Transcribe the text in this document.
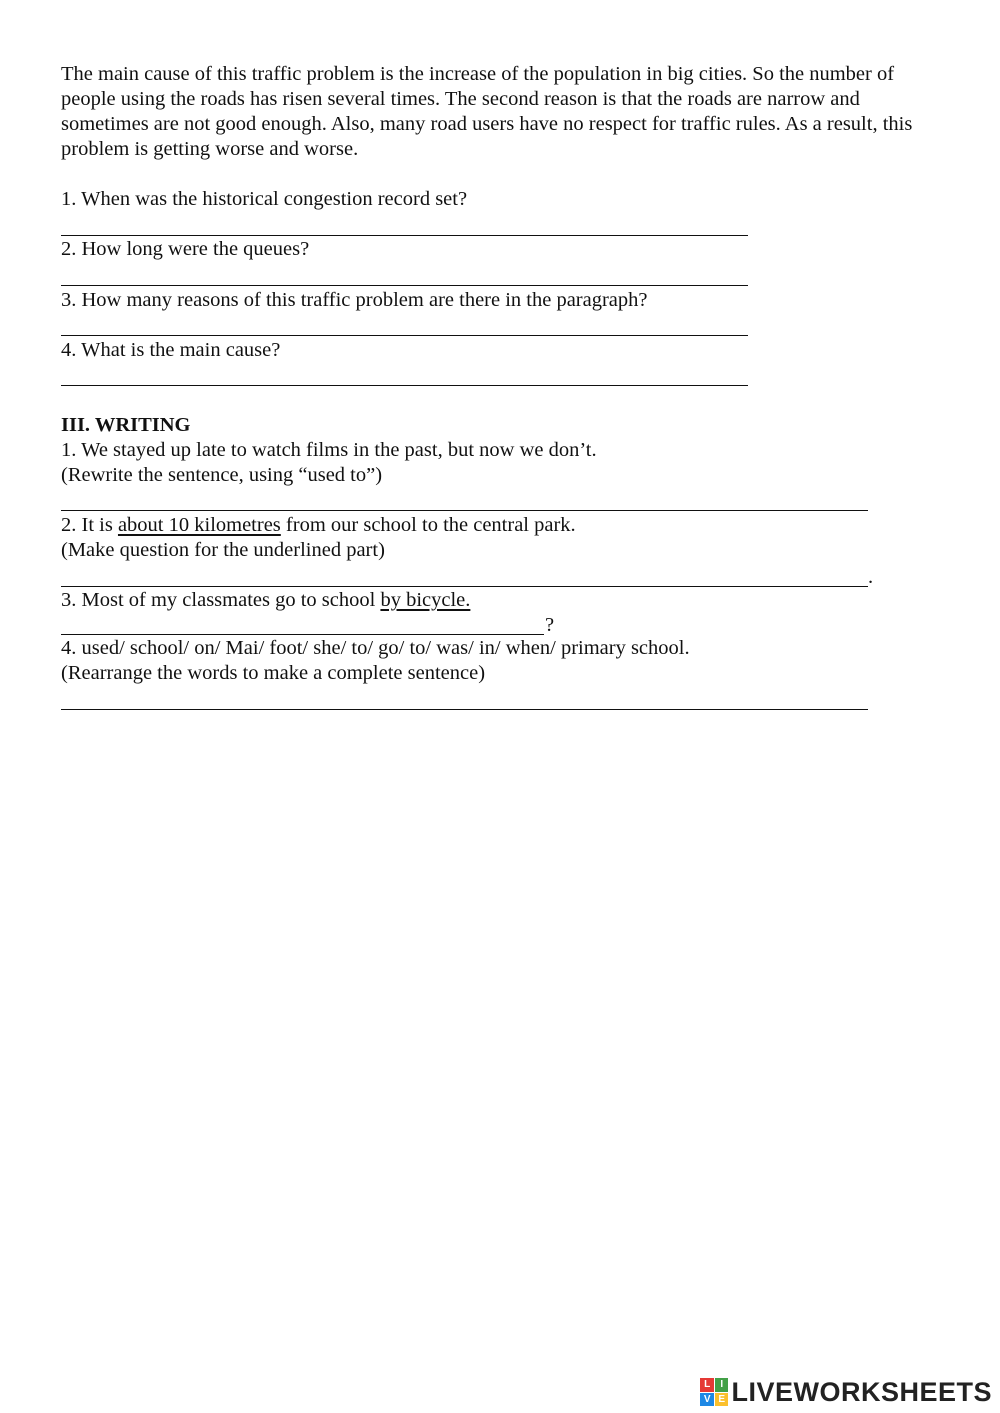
The main cause of this traffic problem is the increase of the population in big cities. So the number of people using the roads has risen several times. The second reason is that the roads are narrow and sometimes are not good enough. Also, many road users have no respect for traffic rules. As a result, this problem is getting worse and worse.

1. When was the historical congestion record set?

2. How long were the queues?

3. How many reasons of this traffic problem are there in the paragraph?

4. What is the main cause?

III. WRITING

1. We stayed up late to watch films in the past, but now we don’t.

(Rewrite the sentence, using “used to”)

2. It is about 10 kilometres from our school to the central park.

(Make question for the underlined part)

.

3. Most of my classmates go to school by bicycle.

?

4. used/ school/ on/ Mai/ foot/ she/ to/ go/ to/ was/ in/ when/ primary school.

(Rearrange the words to make a complete sentence)

L	I
V E LIVEWORKSHEETS
